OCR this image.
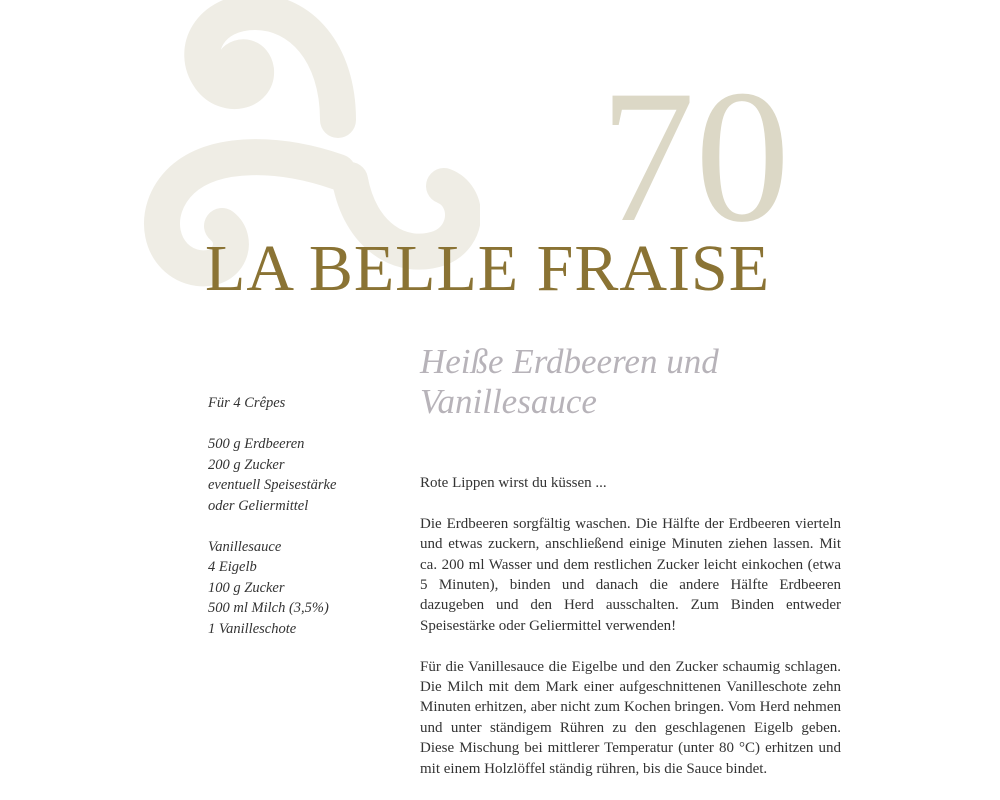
70
LA BELLE FRAISE
Heiße Erdbeeren und
Vanillesauce
Für 4 Crêpes
500 g Erdbeeren
200 g Zucker
eventuell Speisestärke
oder Geliermittel
Vanillesauce
4 Eigelb
100 g Zucker
500 ml Milch (3,5%)
1 Vanilleschote

Rote Lippen wirst du küssen ...

Die Erdbeeren sorgfältig waschen. Die Hälfte der Erdbeeren vierteln und etwas zuckern, anschließend einige Minuten ziehen lassen. Mit ca. 200 ml Wasser und dem restlichen Zucker leicht einkochen (etwa 5 Minuten), binden und danach die andere Hälfte Erdbeeren dazugeben und den Herd ausschalten. Zum Binden entweder Speisestärke oder Geliermittel verwenden!

Für die Vanillesauce die Eigelbe und den Zucker schaumig schlagen. Die Milch mit dem Mark einer aufgeschnittenen Vanilleschote zehn Minuten erhitzen, aber nicht zum Kochen bringen. Vom Herd nehmen und unter ständigem Rühren zu den geschlagenen Eigelb geben. Diese Mischung bei mittlerer Temperatur (unter 80 °C) erhitzen und mit einem Holzlöffel ständig rühren, bis die Sauce bindet.
